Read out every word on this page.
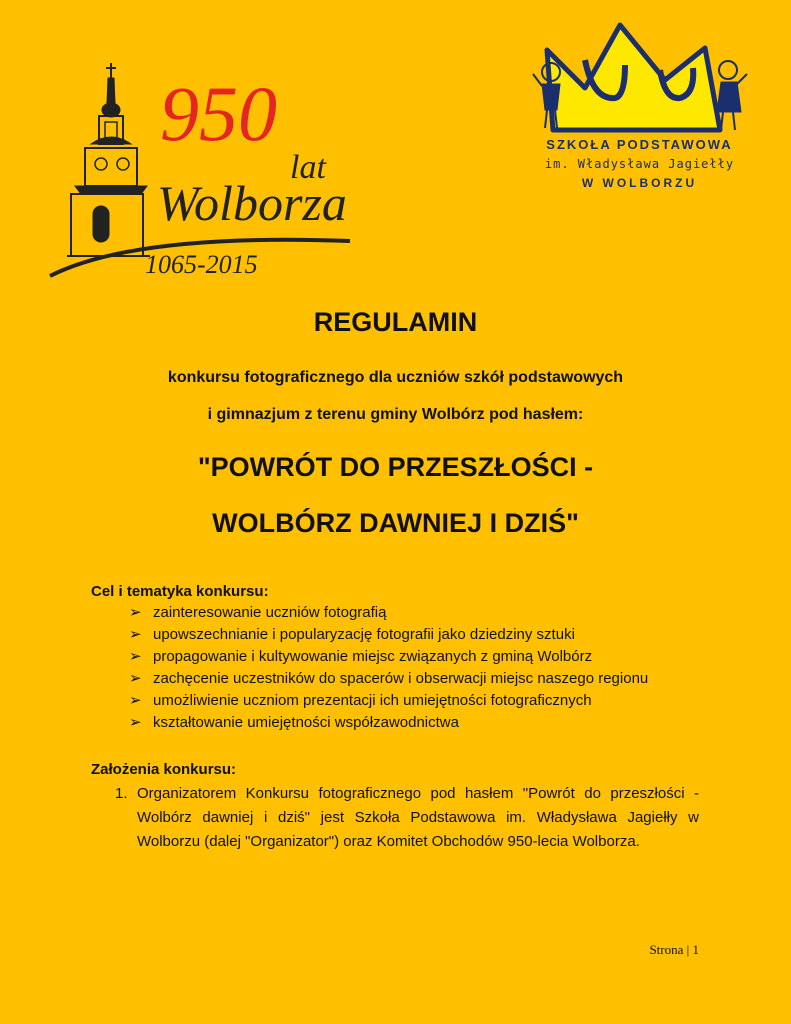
950
lat
Wolborza
1065-2015
SZKOŁA PODSTAWOWA
im. Władysława Jagiełły
W WOLBORZU
REGULAMIN
konkursu fotograficznego dla uczniów szkół podstawowych
i gimnazjum z terenu gminy Wolbórz pod hasłem:
"POWRÓT DO PRZESZŁOŚCI -
WOLBÓRZ DAWNIEJ I DZIŚ"
Cel i tematyka konkursu:
➢ zainteresowanie uczniów fotografią
➢ upowszechnianie i popularyzację fotografii jako dziedziny sztuki
➢ propagowanie i kultywowanie miejsc związanych z gminą Wolbórz
➢ zachęcenie uczestników do spacerów i obserwacji miejsc naszego regionu
➢ umożliwienie uczniom prezentacji ich umiejętności fotograficznych
➢ kształtowanie umiejętności współzawodnictwa
Założenia konkursu:
1. Organizatorem Konkursu fotograficznego pod hasłem "Powrót do przeszłości - Wolbórz dawniej i dziś" jest Szkoła Podstawowa im. Władysława Jagiełły w Wolborzu (dalej "Organizator") oraz Komitet Obchodów 950-lecia Wolborza.
Strona | 1
